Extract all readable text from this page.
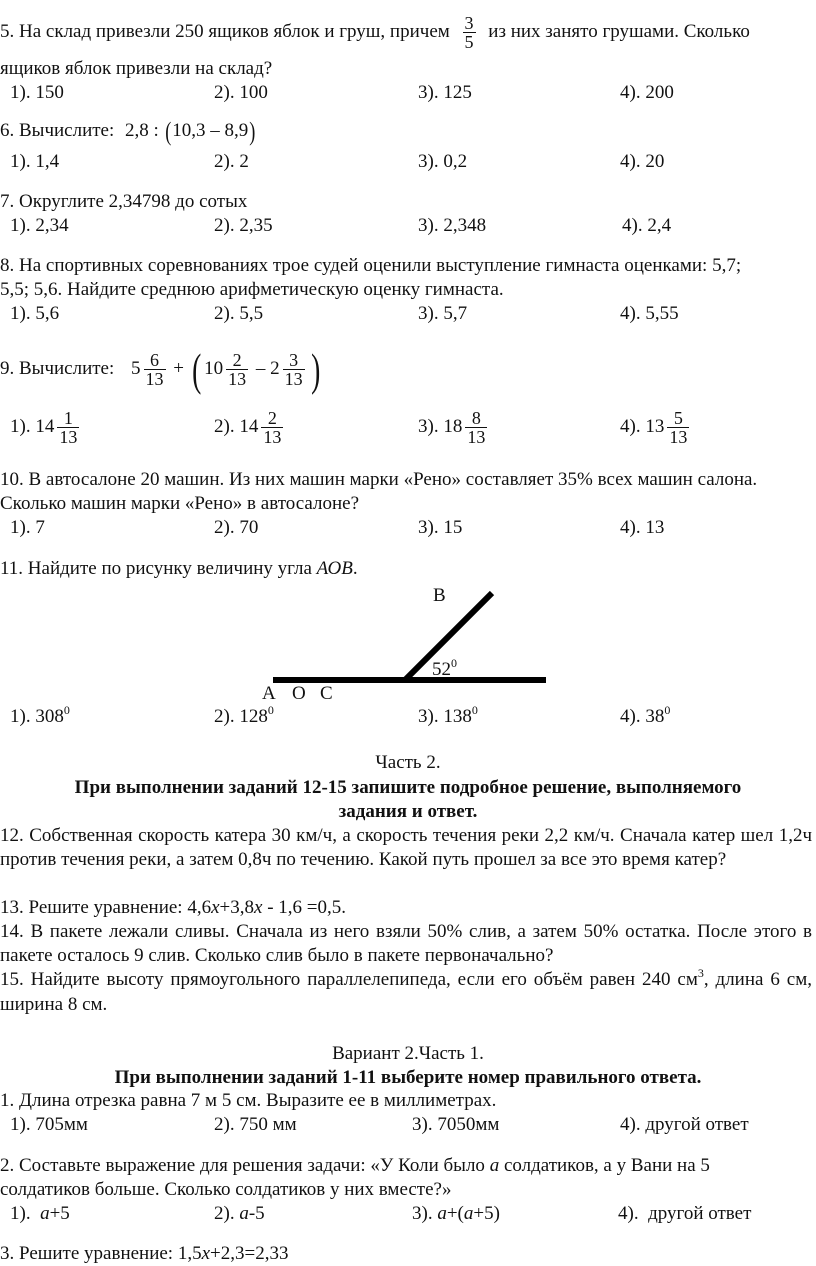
5. На склад привезли 250 ящиков яблок и груш, причем $\frac{3}{5}$ из них занято грушами. Сколько
ящиков яблок привезли на склад?
1). 150	2). 100	3). 125	4). 200
6. Вычислите: 2,8 : (10,3 – 8,9)
1). 1,4	2). 2	3). 0,2	4). 20
7. Округлите 2,34798 до сотых
1). 2,34	2). 2,35	3). 2,348	4). 2,4
8. На спортивных соревнованиях трое судей оценили выступление гимнаста оценками: 5,7;
5,5; 5,6. Найдите среднюю арифметическую оценку гимнаста.
1). 5,6	2). 5,5	3). 5,7	4). 5,55
9. Вычислите: $5 \frac{6}{13}$ + ( $10 \frac{2}{13} - 2 \frac{3}{13}$ )
1). $14 \frac{1}{13}$	2). $14 \frac{2}{13}$	3). $18 \frac{8}{13}$	4). $13 \frac{5}{13}$
10. В автосалоне 20 машин. Из них машин марки «Рено» составляет 35% всех машин салона.
Сколько машин марки «Рено» в автосалоне?
1). 7	2). 70	3). 15	4). 13
11. Найдите по рисунку величину угла АОВ.
В
$52^0$
А О С
1). $308^0$	2). $128^0$	3). $138^0$	4). $38^0$
Часть 2.
При выполнении заданий 12-15 запишите подробное решение, выполняемого
задания и ответ.
12. Собственная скорость катера 30 км/ч, а скорость течения реки 2,2 км/ч. Сначала катер шел 1,2ч против течения реки, а затем 0,8ч по течению. Какой путь прошел за все это время катер?
13. Решите уравнение: 4,6x+3,8x - 1,6 =0,5.
14. В пакете лежали сливы. Сначала из него взяли 50% слив, а затем 50% остатка. После этого в пакете осталось 9 слив. Сколько слив было в пакете первоначально?
15. Найдите высоту прямоугольного параллелепипеда, если его объём равен 240 $см^3$, длина 6 см, ширина 8 см.
Вариант 2.Часть 1.
При выполнении заданий 1-11 выберите номер правильного ответа.
1. Длина отрезка равна 7 м 5 см. Выразите ее в миллиметрах.
1). 705мм	2). 750 мм	3). 7050мм	4). другой ответ
2. Составьте выражение для решения задачи: «У Коли было а солдатиков, а у Вани на 5
солдатиков больше. Сколько солдатиков у них вместе?»
1).  а+5	2). а-5	3). а+(а+5)	4).  другой ответ
3. Решите уравнение: 1,5x+2,3=2,33
